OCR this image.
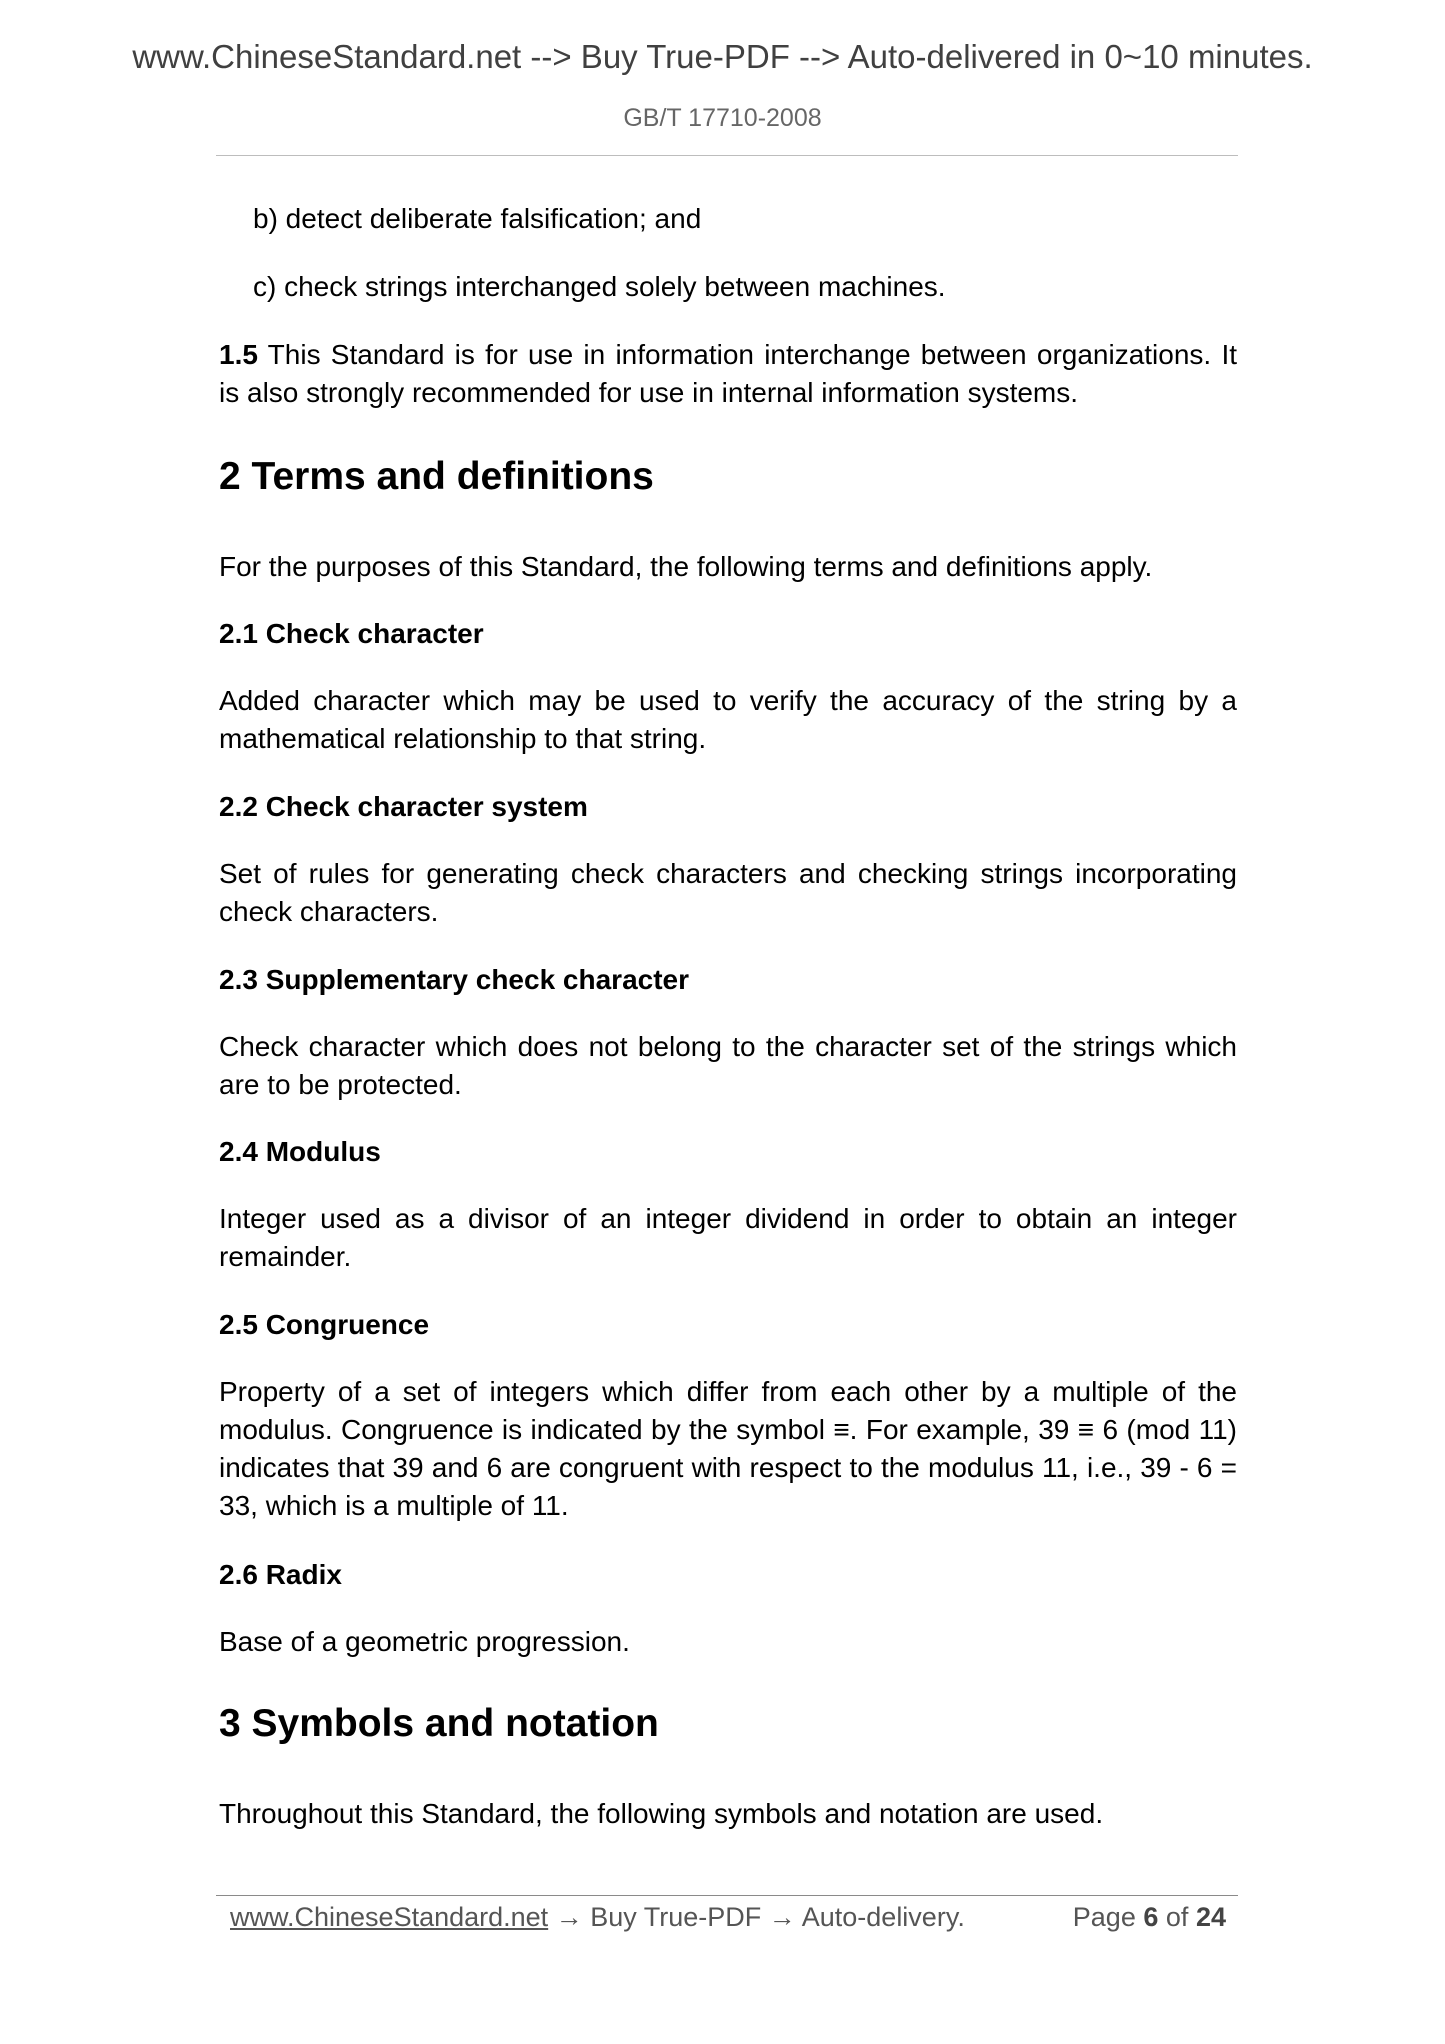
www.ChineseStandard.net --> Buy True-PDF --> Auto-delivered in 0~10 minutes.
GB/T 17710-2008

b) detect deliberate falsification; and

c) check strings interchanged solely between machines.

1.5 This Standard is for use in information interchange between organizations. It is also strongly recommended for use in internal information systems.

2 Terms and definitions

For the purposes of this Standard, the following terms and definitions apply.

2.1 Check character

Added character which may be used to verify the accuracy of the string by a mathematical relationship to that string.

2.2 Check character system

Set of rules for generating check characters and checking strings incorporating check characters.

2.3 Supplementary check character

Check character which does not belong to the character set of the strings which are to be protected.

2.4 Modulus

Integer used as a divisor of an integer dividend in order to obtain an integer remainder.

2.5 Congruence

Property of a set of integers which differ from each other by a multiple of the modulus. Congruence is indicated by the symbol ≡. For example, 39 ≡ 6 (mod 11) indicates that 39 and 6 are congruent with respect to the modulus 11, i.e., 39 - 6 = 33, which is a multiple of 11.

2.6 Radix

Base of a geometric progression.

3 Symbols and notation

Throughout this Standard, the following symbols and notation are used.

www.ChineseStandard.net → Buy True-PDF → Auto-delivery.	Page 6 of 24
